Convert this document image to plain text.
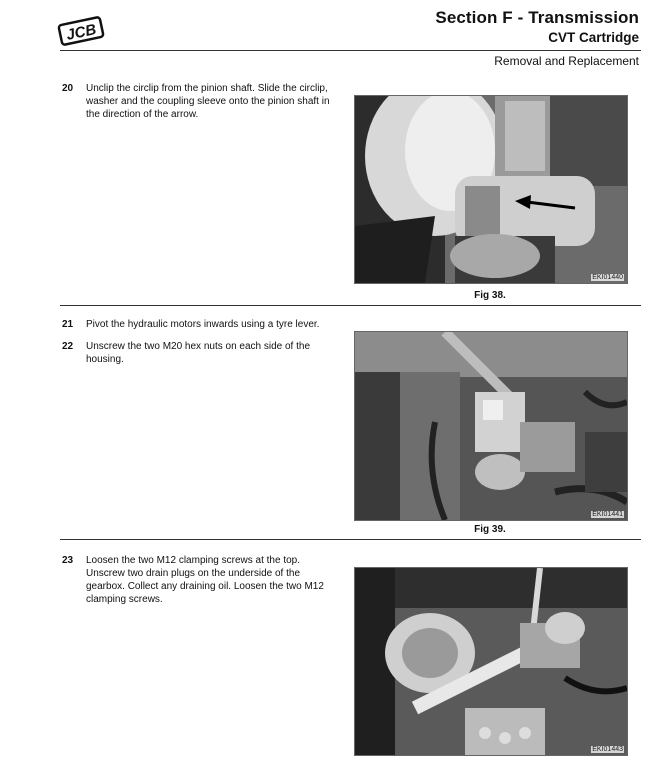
JCB
Section F - Transmission
CVT Cartridge
Removal and Replacement
20	Unclip the circlip from the pinion shaft. Slide the circlip, washer and the coupling sleeve onto the pinion shaft in the direction of the arrow.
EKI01440
Fig 38.
21	Pivot the hydraulic motors inwards using a tyre lever.
22	Unscrew the two M20 hex nuts on each side of the housing.
EKI01441
Fig 39.
23	Loosen the two M12 clamping screws at the top. Unscrew two drain plugs on the underside of the gearbox. Collect any draining oil. Loosen the two M12 clamping screws.
EKI01443
